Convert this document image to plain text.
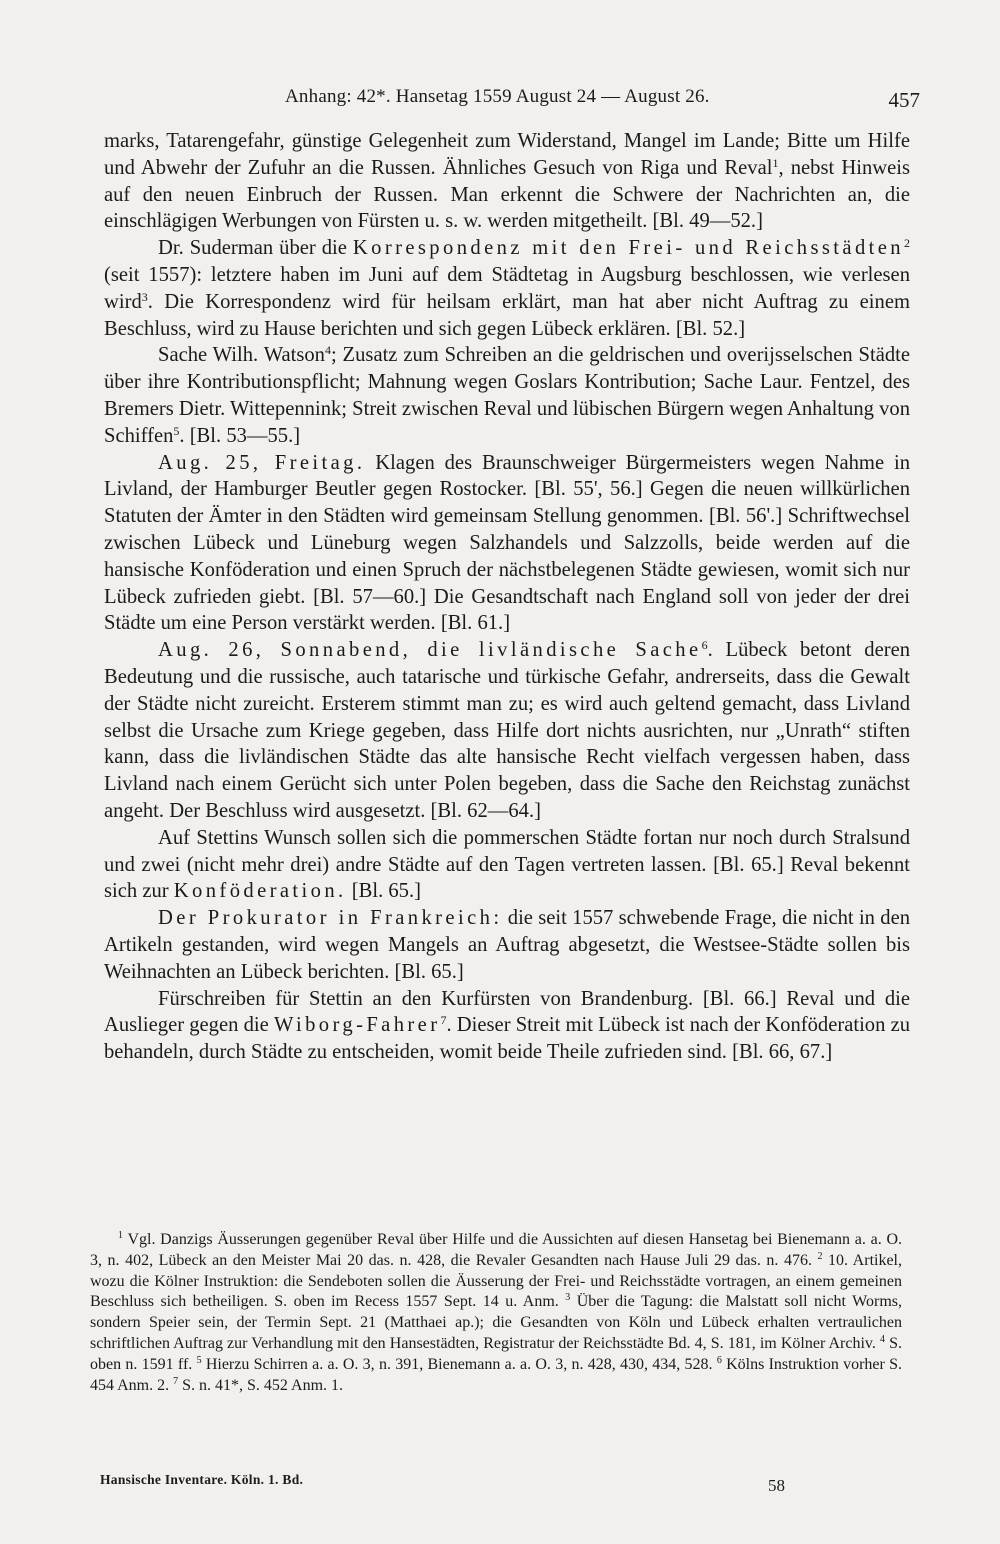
Anhang: 42*. Hansetag 1559 August 24 — August 26.	457

marks, Tatarengefahr, günstige Gelegenheit zum Widerstand, Mangel im Lande; Bitte um Hilfe und Abwehr der Zufuhr an die Russen. Ähnliches Gesuch von Riga und Reval$^1$, nebst Hinweis auf den neuen Einbruch der Russen. Man erkennt die Schwere der Nachrichten an, die einschlägigen Werbungen von Fürsten u. s. w. werden mitgetheilt. [Bl. 49—52.]

Dr. Suderman über die Korrespondenz mit den Frei- und Reichsstädten$^2$ (seit 1557): letztere haben im Juni auf dem Städtetag in Augsburg beschlossen, wie verlesen wird$^3$. Die Korrespondenz wird für heilsam erklärt, man hat aber nicht Auftrag zu einem Beschluss, wird zu Hause berichten und sich gegen Lübeck erklären. [Bl. 52.]

Sache Wilh. Watson$^4$; Zusatz zum Schreiben an die geldrischen und overijsselschen Städte über ihre Kontributionspflicht; Mahnung wegen Goslars Kontribution; Sache Laur. Fentzel, des Bremers Dietr. Wittepennink; Streit zwischen Reval und lübischen Bürgern wegen Anhaltung von Schiffen$^5$. [Bl. 53—55.]

Aug. 25, Freitag. Klagen des Braunschweiger Bürgermeisters wegen Nahme in Livland, der Hamburger Beutler gegen Rostocker. [Bl. 55', 56.] Gegen die neuen willkürlichen Statuten der Ämter in den Städten wird gemeinsam Stellung genommen. [Bl. 56'.] Schriftwechsel zwischen Lübeck und Lüneburg wegen Salzhandels und Salzzolls, beide werden auf die hansische Konföderation und einen Spruch der nächstbelegenen Städte gewiesen, womit sich nur Lübeck zufrieden giebt. [Bl. 57—60.] Die Gesandtschaft nach England soll von jeder der drei Städte um eine Person verstärkt werden. [Bl. 61.]

Aug. 26, Sonnabend, die livländische Sache$^6$. Lübeck betont deren Bedeutung und die russische, auch tatarische und türkische Gefahr, andrerseits, dass die Gewalt der Städte nicht zureicht. Ersterem stimmt man zu; es wird auch geltend gemacht, dass Livland selbst die Ursache zum Kriege gegeben, dass Hilfe dort nichts ausrichten, nur „Unrath“ stiften kann, dass die livländischen Städte das alte hansische Recht vielfach vergessen haben, dass Livland nach einem Gerücht sich unter Polen begeben, dass die Sache den Reichstag zunächst angeht. Der Beschluss wird ausgesetzt. [Bl. 62—64.]

Auf Stettins Wunsch sollen sich die pommerschen Städte fortan nur noch durch Stralsund und zwei (nicht mehr drei) andre Städte auf den Tagen vertreten lassen. [Bl. 65.] Reval bekennt sich zur Konföderation. [Bl. 65.]

Der Prokurator in Frankreich: die seit 1557 schwebende Frage, die nicht in den Artikeln gestanden, wird wegen Mangels an Auftrag abgesetzt, die Westsee-Städte sollen bis Weihnachten an Lübeck berichten. [Bl. 65.]

Fürschreiben für Stettin an den Kurfürsten von Brandenburg. [Bl. 66.] Reval und die Auslieger gegen die Wiborg-Fahrer$^7$. Dieser Streit mit Lübeck ist nach der Konföderation zu behandeln, durch Städte zu entscheiden, womit beide Theile zufrieden sind. [Bl. 66, 67.]

$^1$ Vgl. Danzigs Äusserungen gegenüber Reval über Hilfe und die Aussichten auf diesen Hansetag bei Bienemann a. a. O. 3, n. 402, Lübeck an den Meister Mai 20 das. n. 428, die Revaler Gesandten nach Hause Juli 29 das. n. 476. $^2$ 10. Artikel, wozu die Kölner Instruktion: die Sendeboten sollen die Äusserung der Frei- und Reichsstädte vortragen, an einem gemeinen Beschluss sich betheiligen. S. oben im Recess 1557 Sept. 14 u. Anm. $^3$ Über die Tagung: die Malstatt soll nicht Worms, sondern Speier sein, der Termin Sept. 21 (Matthaei ap.); die Gesandten von Köln und Lübeck erhalten vertraulichen schriftlichen Auftrag zur Verhandlung mit den Hansestädten, Registratur der Reichsstädte Bd. 4, S. 181, im Kölner Archiv. $^4$ S. oben n. 1591 ff. $^5$ Hierzu Schirren a. a. O. 3, n. 391, Bienemann a. a. O. 3, n. 428, 430, 434, 528. $^6$ Kölns Instruktion vorher S. 454 Anm. 2. $^7$ S. n. 41*, S. 452 Anm. 1.

Hansische Inventare. Köln. 1. Bd.	58
